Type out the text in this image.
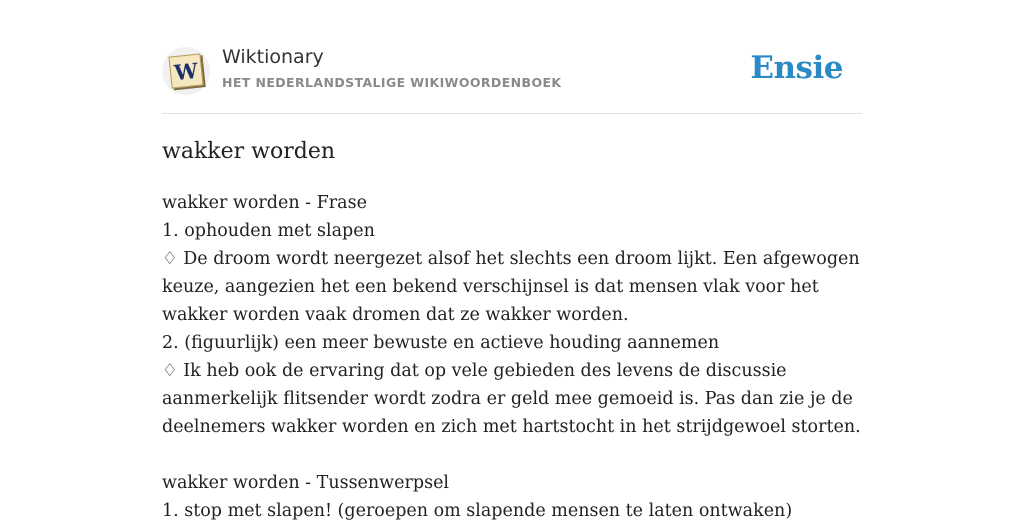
W
Wiktionary
HET NEDERLANDSTALIGE WIKIWOORDENBOEK	Ensie
wakker worden

wakker worden - Frase

1. ophouden met slapen

♢ De droom wordt neergezet alsof het slechts een droom lijkt. Een afgewogen keuze, aangezien het een bekend verschijnsel is dat mensen vlak voor het wakker worden vaak dromen dat ze wakker worden.

2. (figuurlijk) een meer bewuste en actieve houding aannemen

♢ Ik heb ook de ervaring dat op vele gebieden des levens de discussie aanmerkelijk flitsender wordt zodra er geld mee gemoeid is. Pas dan zie je de deelnemers wakker worden en zich met hartstocht in het strijdgewoel storten.

wakker worden - Tussenwerpsel

1. stop met slapen! (geroepen om slapende mensen te laten ontwaken)
